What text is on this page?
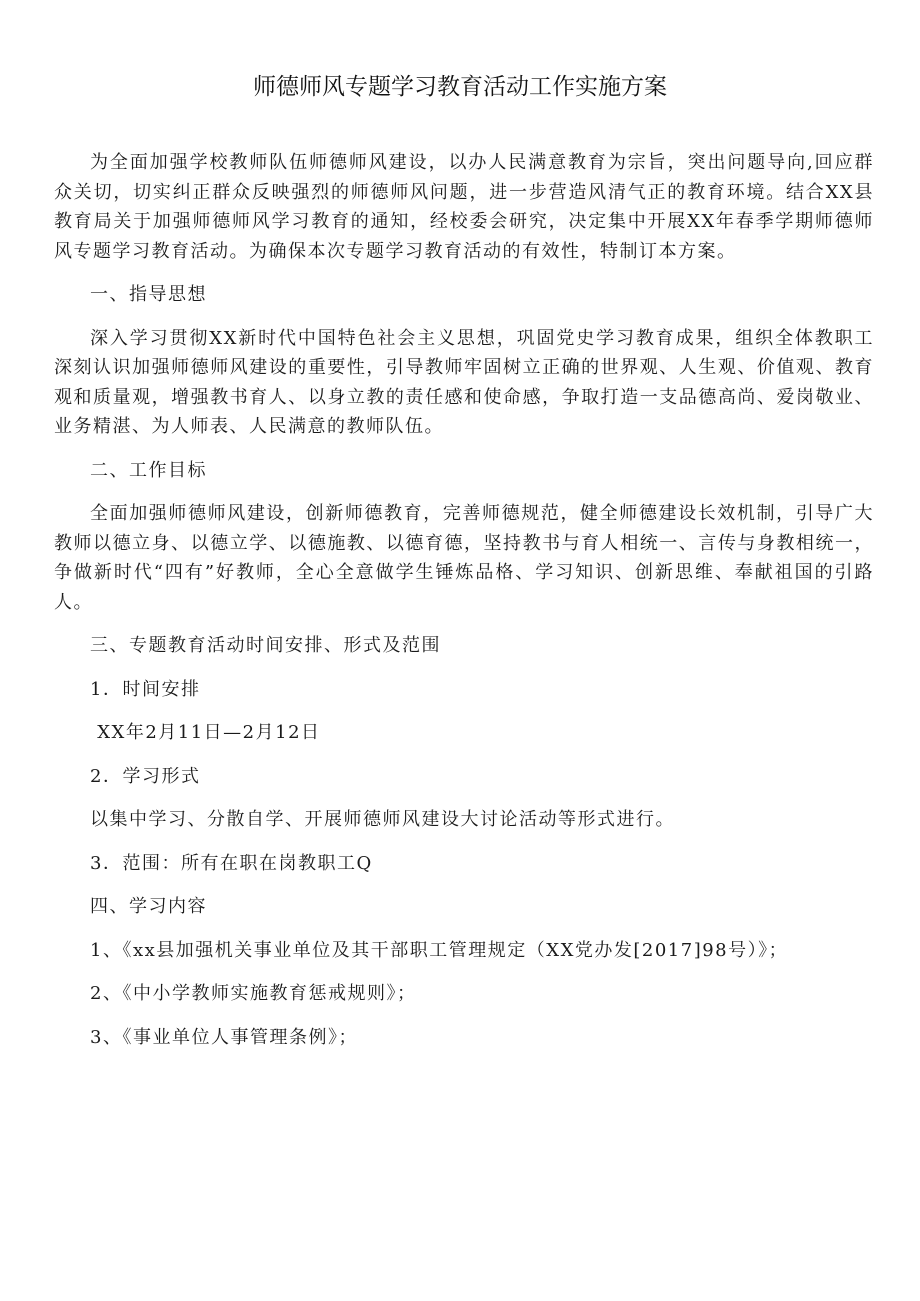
师德师风专题学习教育活动工作实施方案

为全面加强学校教师队伍师德师风建设，以办人民满意教育为宗旨，突出问题导向,回应群众关切，切实纠正群众反映强烈的师德师风问题，进一步营造风清气正的教育环境。结合XX县教育局关于加强师德师风学习教育的通知，经校委会研究，决定集中开展XX年春季学期师德师风专题学习教育活动。为确保本次专题学习教育活动的有效性，特制订本方案。

一、指导思想

深入学习贯彻XX新时代中国特色社会主义思想，巩固党史学习教育成果，组织全体教职工深刻认识加强师德师风建设的重要性，引导教师牢固树立正确的世界观、人生观、价值观、教育观和质量观，增强教书育人、以身立教的责任感和使命感，争取打造一支品德高尚、爱岗敬业、业务精湛、为人师表、人民满意的教师队伍。

二、工作目标

全面加强师德师风建设，创新师德教育，完善师德规范，健全师德建设长效机制，引导广大教师以德立身、以德立学、以德施教、以德育德，坚持教书与育人相统一、言传与身教相统一，争做新时代“四有”好教师，全心全意做学生锤炼品格、学习知识、创新思维、奉献祖国的引路人。

三、专题教育活动时间安排、形式及范围
1．时间安排
XX年2月11日—2月12日
2．学习形式
以集中学习、分散自学、开展师德师风建设大讨论活动等形式进行。
3．范围：所有在职在岗教职工Q
四、学习内容
1、《xx县加强机关事业单位及其干部职工管理规定（XX党办发[2017]98号）》；
2、《中小学教师实施教育惩戒规则》；
3、《事业单位人事管理条例》；
